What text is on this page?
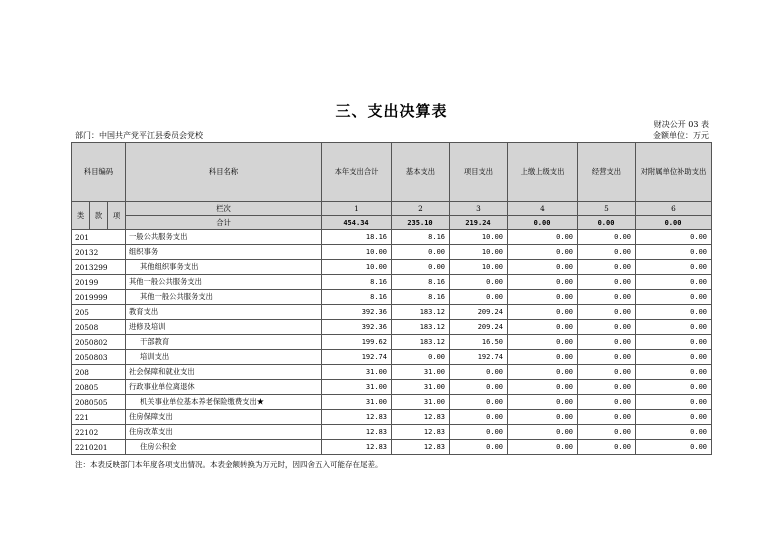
三、支出决算表
财决公开 03 表
部门：中国共产党平江县委员会党校	金额单位：万元
科目编码			科目名称	本年支出合计	基本支出	项目支出	上缴上级支出	经营支出	对附属单位补助支出
类	款	项	栏次	1	2	3	4	5	6
			合计	454.34	235.10	219.24	0.00	0.00	0.00
201			一般公共服务支出	18.16	8.16	10.00	0.00	0.00	0.00
20132			组织事务	10.00	0.00	10.00	0.00	0.00	0.00
2013299			其他组织事务支出	10.00	0.00	10.00	0.00	0.00	0.00
20199			其他一般公共服务支出	8.16	8.16	0.00	0.00	0.00	0.00
2019999			其他一般公共服务支出	8.16	8.16	0.00	0.00	0.00	0.00
205			教育支出	392.36	183.12	209.24	0.00	0.00	0.00
20508			进修及培训	392.36	183.12	209.24	0.00	0.00	0.00
2050802			干部教育	199.62	183.12	16.50	0.00	0.00	0.00
2050803			培训支出	192.74	0.00	192.74	0.00	0.00	0.00
208			社会保障和就业支出	31.00	31.00	0.00	0.00	0.00	0.00
20805			行政事业单位离退休	31.00	31.00	0.00	0.00	0.00	0.00
2080505			机关事业单位基本养老保险缴费支出★	31.00	31.00	0.00	0.00	0.00	0.00
221			住房保障支出	12.83	12.83	0.00	0.00	0.00	0.00
22102			住房改革支出	12.83	12.83	0.00	0.00	0.00	0.00
2210201			住房公积金	12.83	12.83	0.00	0.00	0.00	0.00
注：本表反映部门本年度各项支出情况。本表金额转换为万元时，因四舍五入可能存在尾差。
